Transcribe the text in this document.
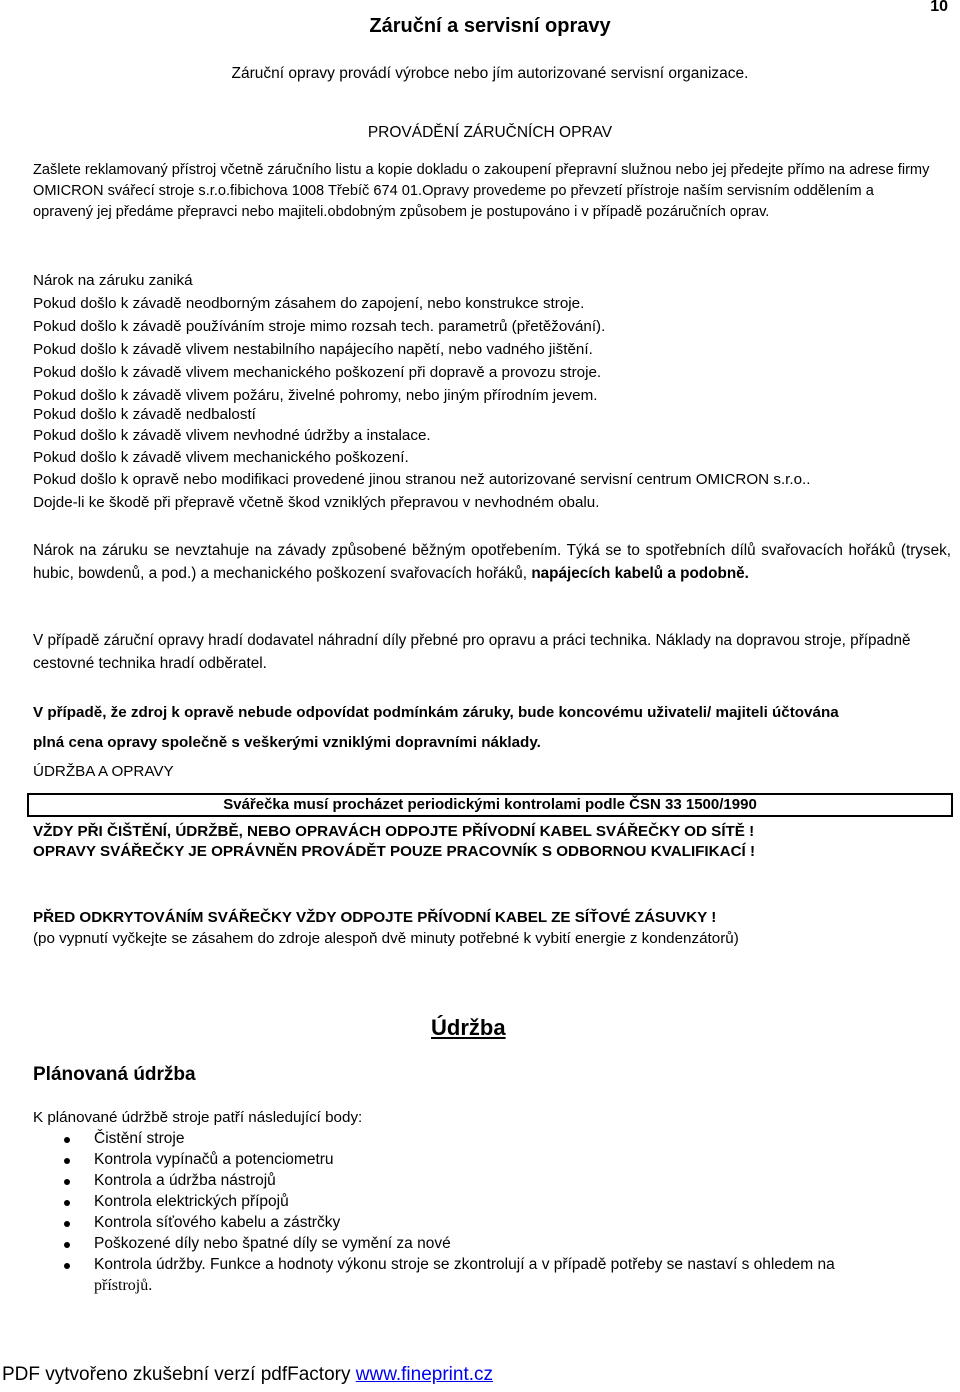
10
Záruční a servisní opravy
Záruční opravy provádí výrobce nebo jím autorizované servisní organizace.
PROVÁDĚNÍ ZÁRUČNÍCH OPRAV
Zašlete reklamovaný přístroj včetně záručního listu a kopie dokladu o zakoupení přepravní služnou nebo jej předejte přímo na adrese firmy OMICRON svářecí stroje s.r.o.fibichova 1008 Třebíč 674 01.Opravy provedeme po převzetí přístroje naším servisním oddělením a opravený jej předáme přepravci nebo majiteli.obdobným způsobem je postupováno i v případě pozáručních oprav.
Nárok na záruku zaniká
Pokud došlo k závadě neodborným zásahem do zapojení, nebo konstrukce stroje.
Pokud došlo k závadě používáním stroje mimo rozsah tech. parametrů (přetěžování).
Pokud došlo k závadě vlivem nestabilního napájecího napětí, nebo vadného jištění.
Pokud došlo k závadě vlivem mechanického poškození při dopravě a provozu stroje.
Pokud došlo k závadě vlivem požáru, živelné pohromy, nebo jiným přírodním jevem.
Pokud došlo k závadě nedbalostí
Pokud došlo k závadě vlivem nevhodné údržby a instalace.
Pokud došlo k závadě vlivem mechanického poškození.
Pokud došlo k opravě nebo modifikaci provedené jinou stranou než autorizované servisní centrum OMICRON s.r.o..
Dojde-li ke škodě při přepravě včetně škod vzniklých přepravou v nevhodném obalu.
Nárok na záruku se nevztahuje na závady způsobené běžným opotřebením. Týká se to spotřebních dílů svařovacích hořáků (trysek, hubic, bowdenů, a pod.) a mechanického poškození svařovacích hořáků, napájecích kabelů a podobně.
V případě záruční opravy hradí dodavatel náhradní díly přebné pro opravu a práci technika. Náklady na dopravou stroje, případně cestovné technika hradí odběratel.
V případě, že zdroj k opravě nebude odpovídat podmínkám záruky, bude koncovému uživateli/ majiteli účtována
plná cena opravy společně s veškerými vzniklými dopravními náklady.
ÚDRŽBA A OPRAVY
Svářečka musí procházet periodickými kontrolami podle ČSN 33 1500/1990
VŽDY PŘI ČIŠTĚNÍ, ÚDRŽBĚ, NEBO OPRAVÁCH ODPOJTE PŘÍVODNÍ KABEL SVÁŘEČKY OD SÍTĚ !
OPRAVY SVÁŘEČKY JE OPRÁVNĚN PROVÁDĚT POUZE PRACOVNÍK S ODBORNOU KVALIFIKACÍ !
PŘED ODKRYTOVÁNÍM SVÁŘEČKY VŽDY ODPOJTE PŘÍVODNÍ KABEL ZE SÍŤOVÉ ZÁSUVKY !
(po vypnutí vyčkejte se zásahem do zdroje alespoň dvě minuty potřebné k vybití energie z kondenzátorů)
Údržba
Plánovaná údržba
K plánované údržbě stroje patří následující body:
Čistění stroje
Kontrola vypínačů a potenciometru
Kontrola a údržba nástrojů
Kontrola elektrických přípojů
Kontrola síťového kabelu a zástrčky
Poškozené díly nebo špatné díly se vymění za nové
Kontrola údržby. Funkce a hodnoty výkonu stroje se zkontrolují a v případě potřeby se nastaví s ohledem na
přístrojů.
PDF vytvořeno zkušební verzí pdfFactory www.fineprint.cz
